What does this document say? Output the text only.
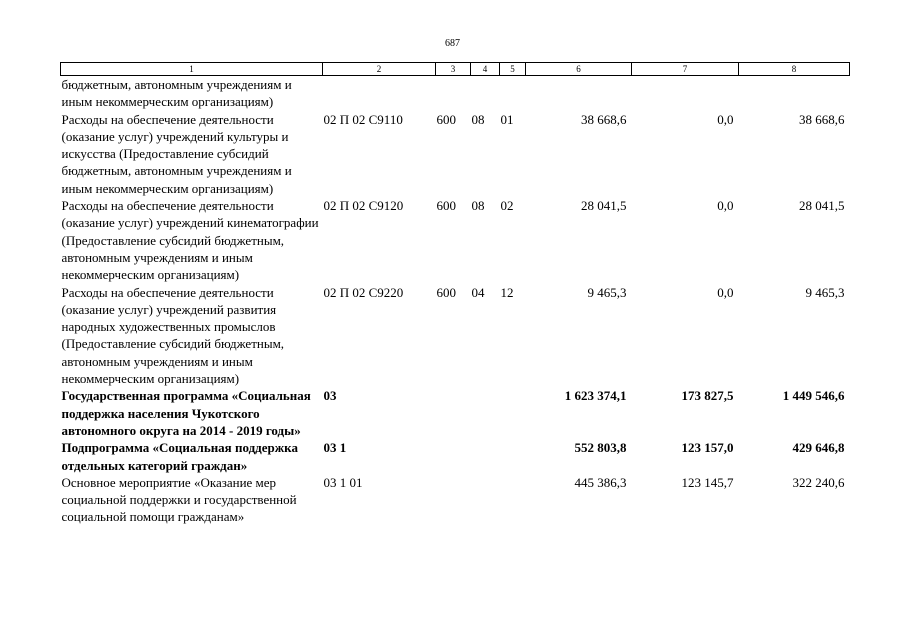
687
1	2	3	4	5	6	7	8
бюджетным, автономным учреждениям и иным некоммерческим организациям)							
Расходы на обеспечение деятельности (оказание услуг) учреждений культуры и искусства (Предоставление субсидий бюджетным, автономным учреждениям и иным некоммерческим организациям)	02 П 02 С9110	600	08	01	38 668,6	0,0	38 668,6
Расходы на обеспечение деятельности (оказание услуг) учреждений кинематографии (Предоставление субсидий бюджетным, автономным учреждениям и иным некоммерческим организациям)	02 П 02 С9120	600	08	02	28 041,5	0,0	28 041,5
Расходы на обеспечение деятельности (оказание услуг) учреждений развития народных художественных промыслов (Предоставление субсидий бюджетным, автономным учреждениям и иным некоммерческим организациям)	02 П 02 С9220	600	04	12	9 465,3	0,0	9 465,3
Государственная программа «Социальная поддержка населения Чукотского автономного округа на 2014 - 2019 годы»	03				1 623 374,1	173 827,5	1 449 546,6
Подпрограмма «Социальная поддержка отдельных категорий граждан»	03 1				552 803,8	123 157,0	429 646,8
Основное мероприятие «Оказание мер социальной поддержки и государственной социальной помощи гражданам»	03 1 01				445 386,3	123 145,7	322 240,6
